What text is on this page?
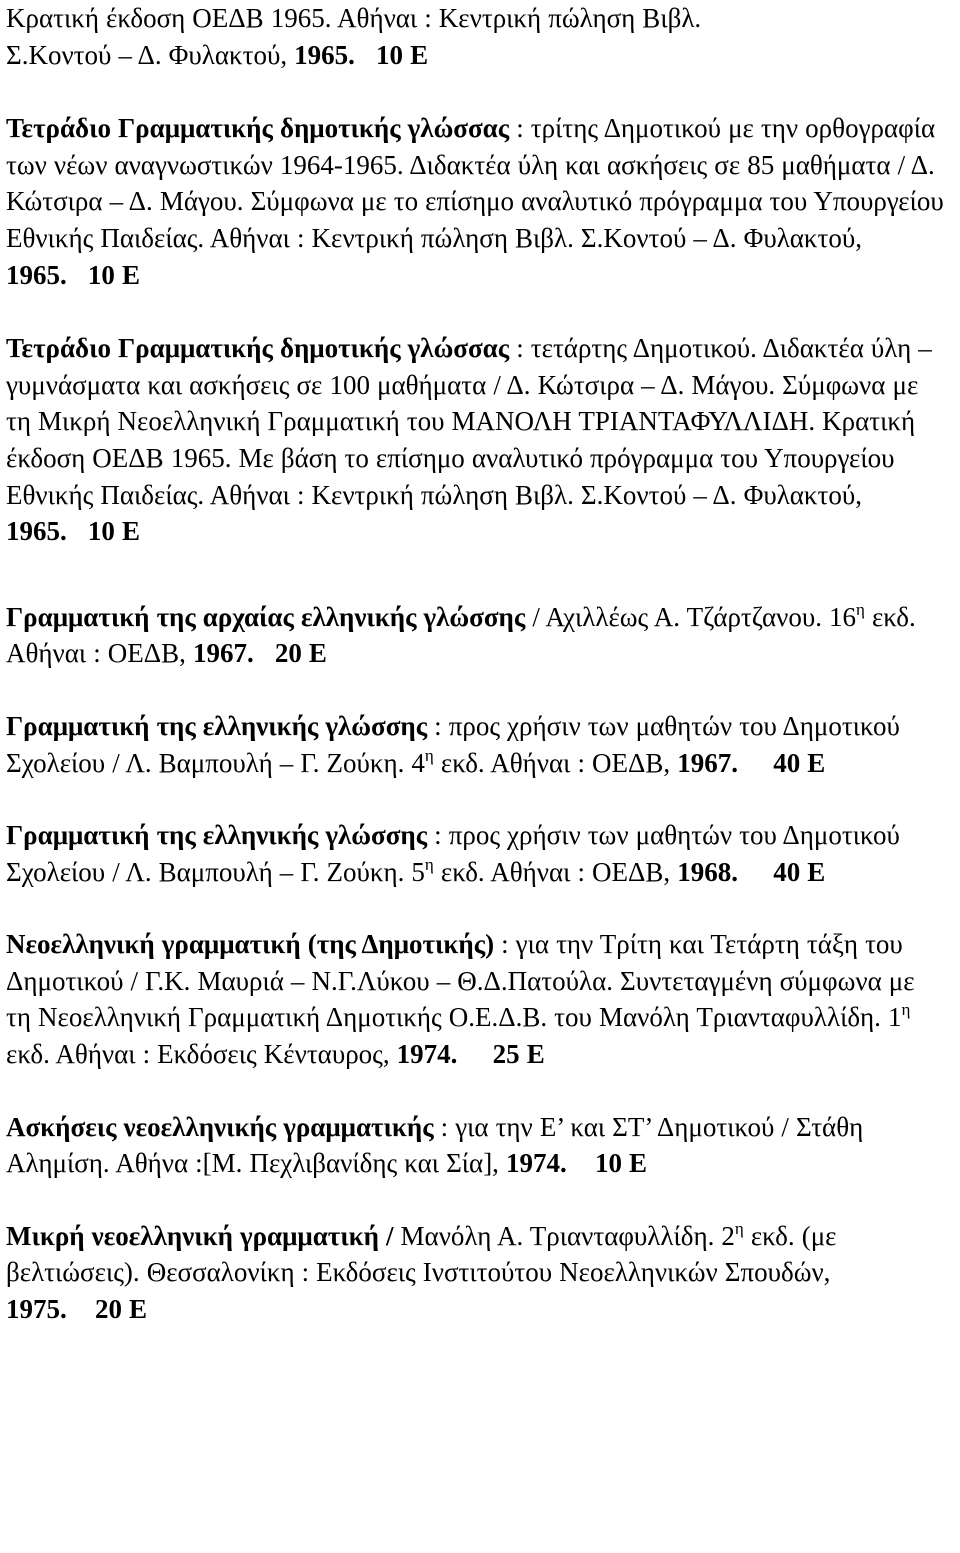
Κρατική έκδοση ΟΕΔΒ 1965. Αθήναι : Κεντρική πώληση Βιβλ.
Σ.Κοντού – Δ. Φυλακτού, 1965. 10 Ε

Τετράδιο Γραμματικής δημοτικής γλώσσας : τρίτης Δημοτικού με την ορθογραφία των νέων αναγνωστικών 1964-1965. Διδακτέα ύλη και ασκήσεις σε 85 μαθήματα / Δ. Κώτσιρα – Δ. Μάγου. Σύμφωνα με το επίσημο αναλυτικό πρόγραμμα του Υπουργείου Εθνικής Παιδείας. Αθήναι : Κεντρική πώληση Βιβλ. Σ.Κοντού – Δ. Φυλακτού, 1965. 10 Ε

Τετράδιο Γραμματικής δημοτικής γλώσσας : τετάρτης Δημοτικού. Διδακτέα ύλη – γυμνάσματα και ασκήσεις σε 100 μαθήματα / Δ. Κώτσιρα – Δ. Μάγου. Σύμφωνα με τη Μικρή Νεοελληνική Γραμματική του ΜΑΝΟΛΗ ΤΡΙΑΝΤΑΦΥΛΛΙΔΗ. Κρατική έκδοση ΟΕΔΒ 1965. Με βάση το επίσημο αναλυτικό πρόγραμμα του Υπουργείου Εθνικής Παιδείας. Αθήναι : Κεντρική πώληση Βιβλ. Σ.Κοντού – Δ. Φυλακτού, 1965. 10 Ε

Γραμματική της αρχαίας ελληνικής γλώσσης / Αχιλλέως Α. Τζάρτζανου. $16^\eta$ εκδ. Αθήναι : ΟΕΔΒ, 1967. 20 Ε

Γραμματική της ελληνικής γλώσσης : προς χρήσιν των μαθητών του Δημοτικού Σχολείου / Λ. Βαμπουλή – Γ. Ζούκη. $4^\eta$ εκδ. Αθήναι : ΟΕΔΒ, 1967. 40 Ε

Γραμματική της ελληνικής γλώσσης : προς χρήσιν των μαθητών του Δημοτικού Σχολείου / Λ. Βαμπουλή – Γ. Ζούκη. $5^\eta$ εκδ. Αθήναι : ΟΕΔΒ, 1968. 40 Ε

Νεοελληνική γραμματική (της Δημοτικής) : για την Τρίτη και Τετάρτη τάξη του Δημοτικού / Γ.Κ. Μαυριά – Ν.Γ.Λύκου – Θ.Δ.Πατούλα. Συντεταγμένη σύμφωνα με τη Νεοελληνική Γραμματική Δημοτικής Ο.Ε.Δ.Β. του Μανόλη Τριανταφυλλίδη. $1^\eta$ εκδ. Αθήναι : Εκδόσεις Κένταυρος, 1974. 25 Ε

Ασκήσεις νεοελληνικής γραμματικής : για την Ε’ και ΣΤ’ Δημοτικού / Στάθη Αλημίση. Αθήνα :[Μ. Πεχλιβανίδης και Σία], 1974. 10 Ε

Μικρή νεοελληνική γραμματική / Μανόλη Α. Τριανταφυλλίδη. $2^\eta$ εκδ. (με βελτιώσεις). Θεσσαλονίκη : Εκδόσεις Ινστιτούτου Νεοελληνικών Σπουδών, 1975. 20 Ε
